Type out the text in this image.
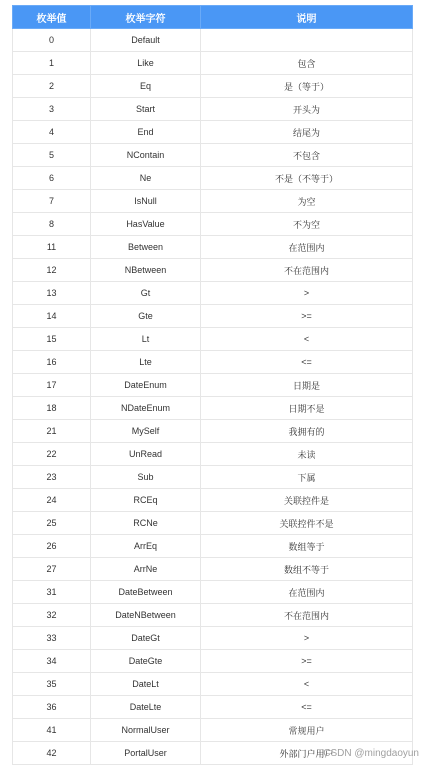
枚举值	枚举字符	说明
0	Default	
1	Like	包含
2	Eq	是（等于）
3	Start	开头为
4	End	结尾为
5	NContain	不包含
6	Ne	不是（不等于）
7	IsNull	为空
8	HasValue	不为空
11	Between	在范围内
12	NBetween	不在范围内
13	Gt	>
14	Gte	>=
15	Lt	<
16	Lte	<=
17	DateEnum	日期是
18	NDateEnum	日期不是
21	MySelf	我拥有的
22	UnRead	未读
23	Sub	下属
24	RCEq	关联控件是
25	RCNe	关联控件不是
26	ArrEq	数组等于
27	ArrNe	数组不等于
31	DateBetween	在范围内
32	DateNBetween	不在范围内
33	DateGt	>
34	DateGte	>=
35	DateLt	<
36	DateLte	<=
41	NormalUser	常规用户
42	PortalUser	外部门户用户
CSDN @mingdaoyun
